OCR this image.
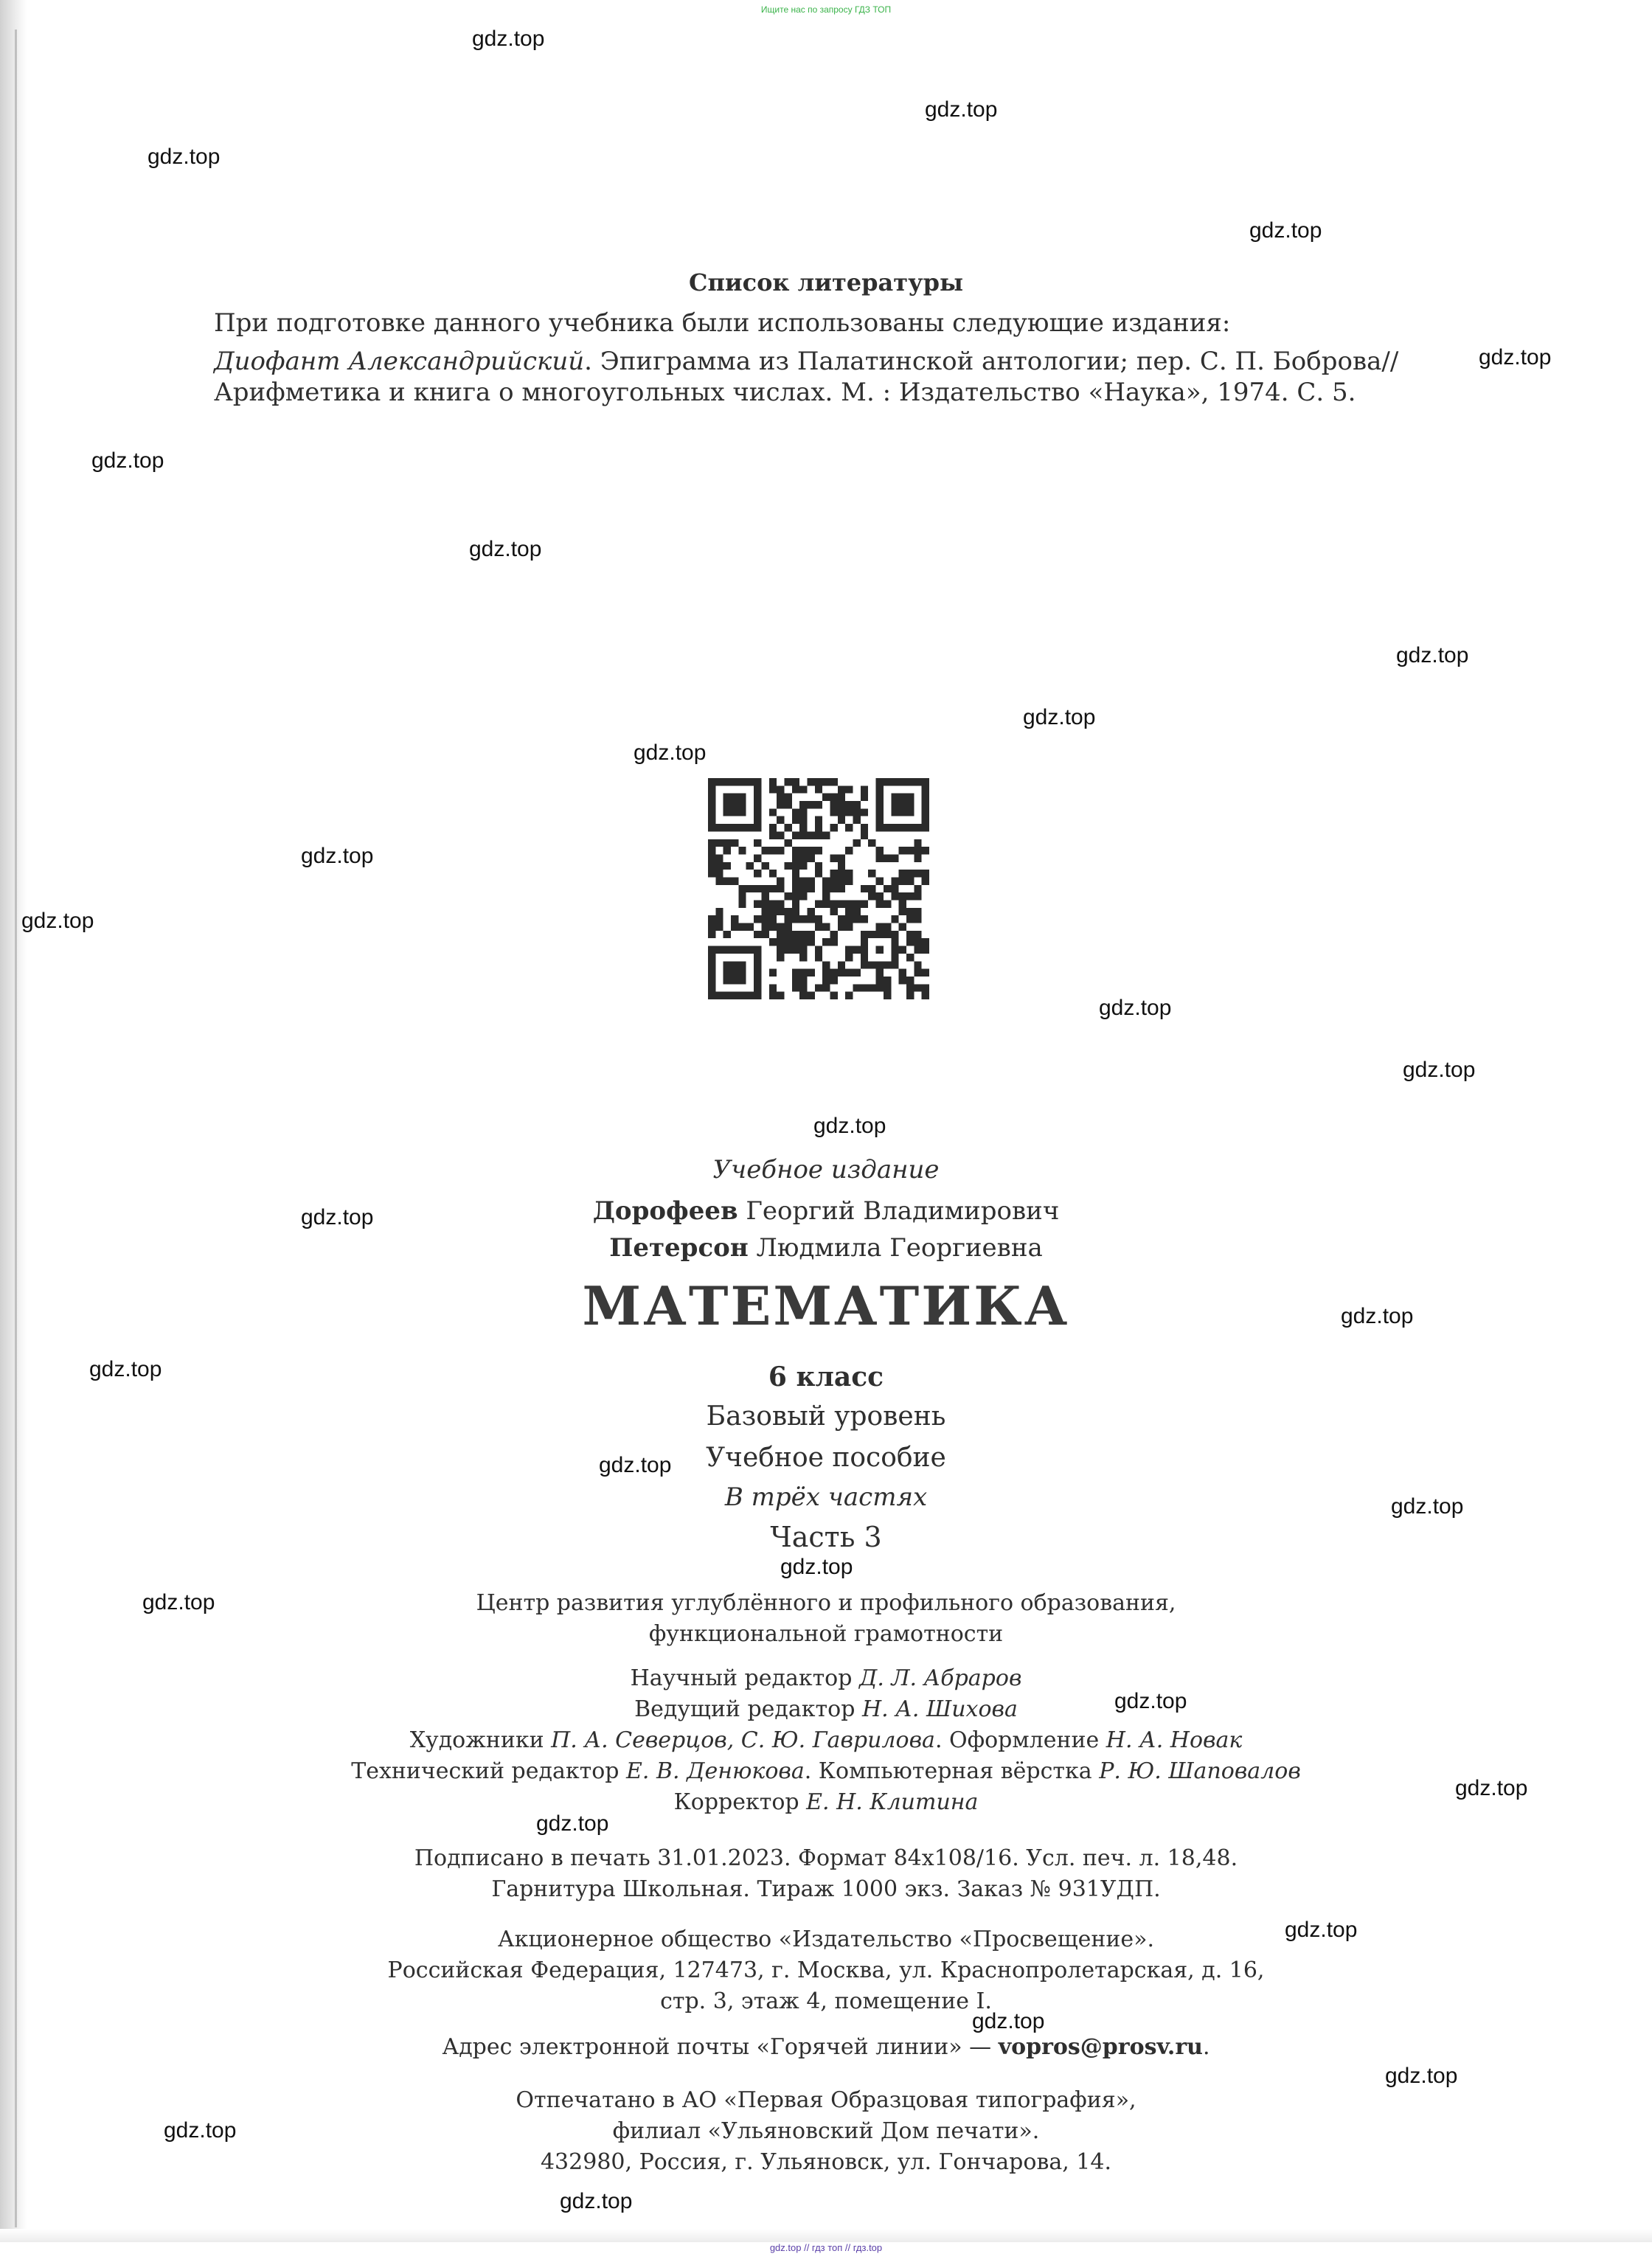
Ищите нас по запросу ГДЗ ТОП
gdz.top
gdz.top
gdz.top
gdz.top
gdz.top
gdz.top
gdz.top
gdz.top
gdz.top
gdz.top
gdz.top
gdz.top
gdz.top
gdz.top
gdz.top
gdz.top
gdz.top
gdz.top
gdz.top
gdz.top
gdz.top
gdz.top
gdz.top
gdz.top
gdz.top
gdz.top
gdz.top
gdz.top
gdz.top
gdz.top
Список литературы
При подготовке данного учебника были использованы следующие издания:
Диофант Александрийский. Эпиграмма из Палатинской антологии; пер. С. П. Боброва//
Арифметика и книга о многоугольных числах. М. : Издательство «Наука», 1974. С. 5.
Учебное издание
Дорофеев Георгий Владимирович
Петерсон Людмила Георгиевна
МАТЕМАТИКА
6 класс
Базовый уровень
Учебное пособие
В трёх частях
Часть 3
Центр развития углублённого и профильного образования,
функциональной грамотности
Научный редактор Д. Л. Абраров
Ведущий редактор Н. А. Шихова
Художники П. А. Северцов, С. Ю. Гаврилова. Оформление Н. А. Новак
Технический редактор Е. В. Денюкова. Компьютерная вёрстка Р. Ю. Шаповалов
Корректор Е. Н. Клитина
Подписано в печать 31.01.2023. Формат 84x108/16. Усл. печ. л. 18,48.
Гарнитура Школьная. Тираж 1000 экз. Заказ № 931УДП.
Акционерное общество «Издательство «Просвещение».
Российская Федерация, 127473, г. Москва, ул. Краснопролетарская, д. 16,
стр. 3, этаж 4, помещение I.
Адрес электронной почты «Горячей линии» — vopros@prosv.ru.
Отпечатано в АО «Первая Образцовая типография»,
филиал «Ульяновский Дом печати».
432980, Россия, г. Ульяновск, ул. Гончарова, 14.
gdz.top // гдз топ // гдз.top
